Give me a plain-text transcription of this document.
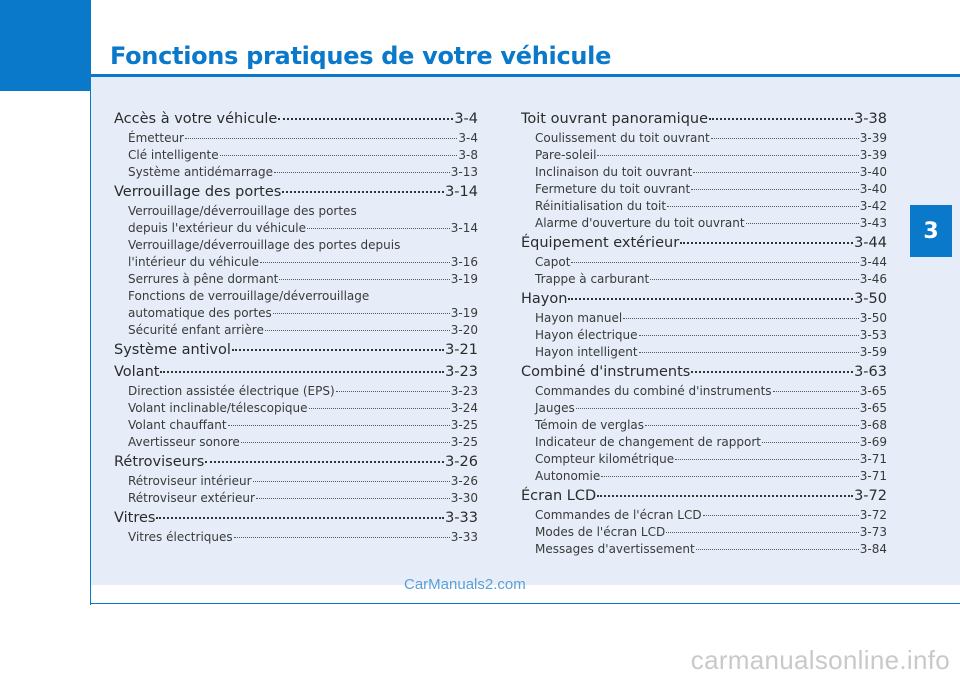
Fonctions pratiques de votre véhicule
3
Accès à votre véhicule	3-4
Émetteur	3-4
Clé intelligente	3-8
Système antidémarrage	3-13
Verrouillage des portes	3-14
Verrouillage/déverrouillage des portes
depuis l'extérieur du véhicule	3-14
Verrouillage/déverrouillage des portes depuis
l'intérieur du véhicule	3-16
Serrures à pêne dormant	3-19
Fonctions de verrouillage/déverrouillage
automatique des portes	3-19
Sécurité enfant arrière	3-20
Système antivol	3-21
Volant	3-23
Direction assistée électrique (EPS)	3-23
Volant inclinable/télescopique	3-24
Volant chauffant	3-25
Avertisseur sonore	3-25
Rétroviseurs	3-26
Rétroviseur intérieur	3-26
Rétroviseur extérieur	3-30
Vitres	3-33
Vitres électriques	3-33
Toit ouvrant panoramique	3-38
Coulissement du toit ouvrant	3-39
Pare-soleil	3-39
Inclinaison du toit ouvrant	3-40
Fermeture du toit ouvrant	3-40
Réinitialisation du toit	3-42
Alarme d'ouverture du toit ouvrant	3-43
Équipement extérieur	3-44
Capot	3-44
Trappe à carburant	3-46
Hayon	3-50
Hayon manuel	3-50
Hayon électrique	3-53
Hayon intelligent	3-59
Combiné d'instruments	3-63
Commandes du combiné d'instruments	3-65
Jauges	3-65
Témoin de verglas	3-68
Indicateur de changement de rapport	3-69
Compteur kilométrique	3-71
Autonomie	3-71
Écran LCD	3-72
Commandes de l'écran LCD	3-72
Modes de l'écran LCD	3-73
Messages d'avertissement	3-84
CarManuals2.com
carmanualsonline.info
